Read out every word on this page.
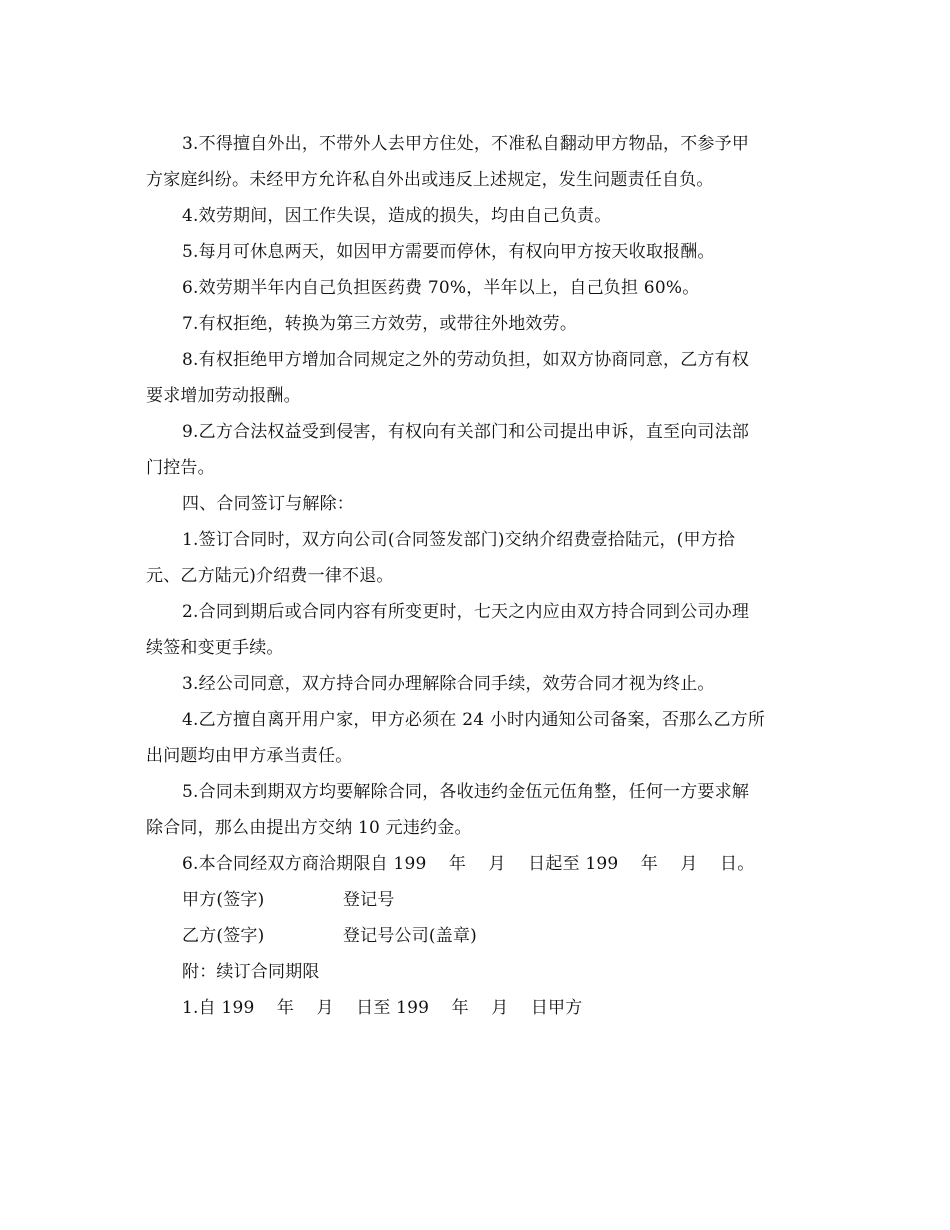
3.不得擅自外出，不带外人去甲方住处，不准私自翻动甲方物品，不参予甲
方家庭纠纷。未经甲方允许私自外出或违反上述规定，发生问题责任自负。
4.效劳期间，因工作失误，造成的损失，均由自己负责。
5.每月可休息两天，如因甲方需要而停休，有权向甲方按天收取报酬。
6.效劳期半年内自己负担医药费 70%，半年以上，自己负担 60%。
7.有权拒绝，转换为第三方效劳，或带往外地效劳。
8.有权拒绝甲方增加合同规定之外的劳动负担，如双方协商同意，乙方有权
要求增加劳动报酬。
9.乙方合法权益受到侵害，有权向有关部门和公司提出申诉，直至向司法部
门控告。
四、合同签订与解除：
1.签订合同时，双方向公司(合同签发部门)交纳介绍费壹拾陆元，(甲方拾
元、乙方陆元)介绍费一律不退。
2.合同到期后或合同内容有所变更时，七天之内应由双方持合同到公司办理
续签和变更手续。
3.经公司同意，双方持合同办理解除合同手续，效劳合同才视为终止。
4.乙方擅自离开用户家，甲方必须在 24 小时内通知公司备案，否那么乙方所
出问题均由甲方承当责任。
5.合同未到期双方均要解除合同，各收违约金伍元伍角整，任何一方要求解
除合同，那么由提出方交纳 10 元违约金。
6.本合同经双方商洽期限自 199    年    月    日起至 199    年    月    日。
甲方(签字)              登记号
乙方(签字)              登记号公司(盖章)
附：续订合同期限
1.自 199    年    月    日至 199    年    月    日甲方
